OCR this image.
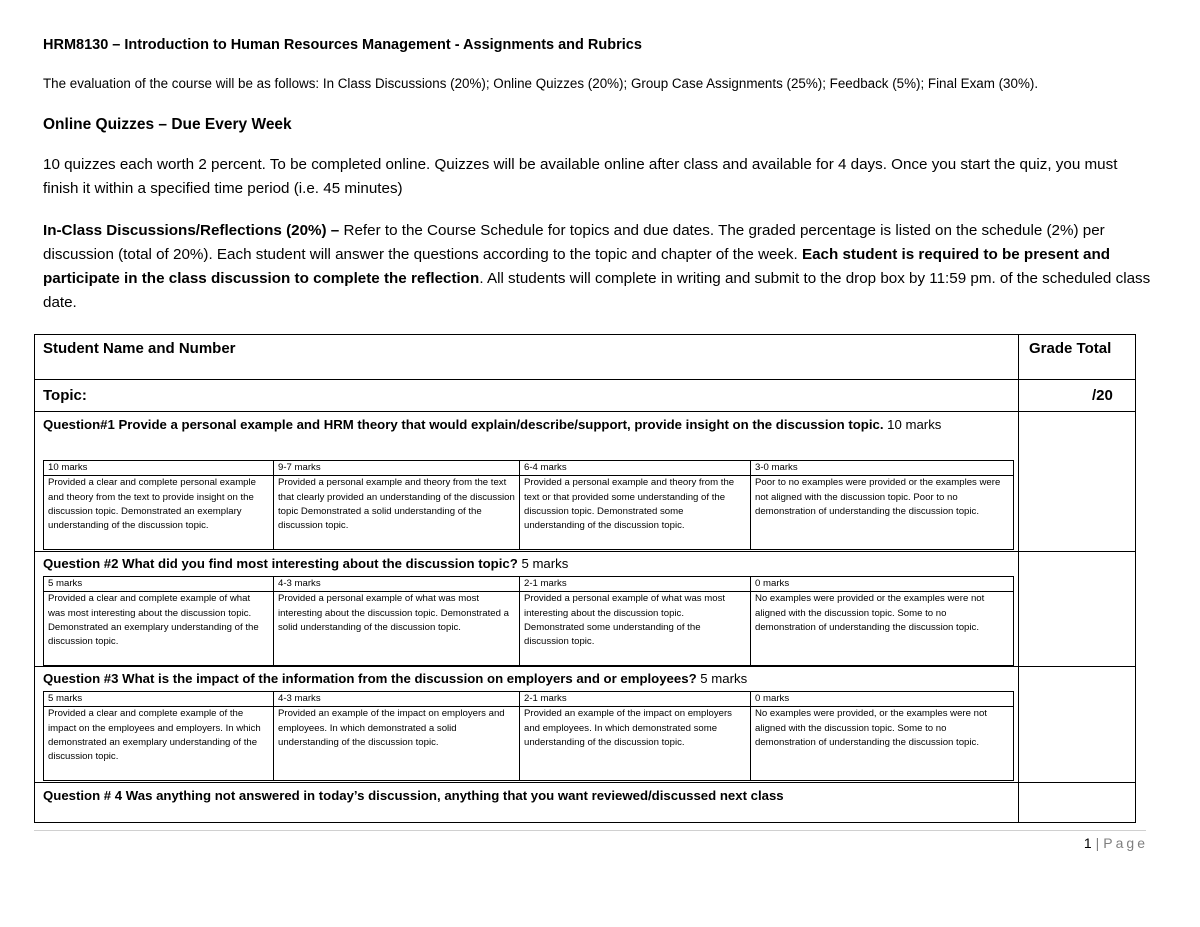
HRM8130 – Introduction to Human Resources Management - Assignments and Rubrics
The evaluation of the course will be as follows: In Class Discussions (20%); Online Quizzes (20%); Group Case Assignments (25%); Feedback (5%); Final Exam (30%).
Online Quizzes – Due Every Week
10 quizzes each worth 2 percent. To be completed online. Quizzes will be available online after class and available for 4 days. Once you start the quiz, you must finish it within a specified time period (i.e. 45 minutes)
In-Class Discussions/Reflections (20%) – Refer to the Course Schedule for topics and due dates. The graded percentage is listed on the schedule (2%) per discussion (total of 20%). Each student will answer the questions according to the topic and chapter of the week. Each student is required to be present and participate in the class discussion to complete the reflection. All students will complete in writing and submit to the drop box by 11:59 pm. of the scheduled class date.
Student Name and Number	Grade Total
Topic:	/20
Question#1 Provide a personal example and HRM theory that would explain/describe/support, provide insight on the discussion topic. 10 marks
10 marks	9-7 marks	6-4 marks	3-0 marks
Provided a clear and complete personal example and theory from the text to provide insight on the discussion topic. Demonstrated an exemplary understanding of the discussion topic.	Provided a personal example and theory from the text that clearly provided an understanding of the discussion topic Demonstrated a solid understanding of the discussion topic.	Provided a personal example and theory from the text or that provided some understanding of the discussion topic. Demonstrated some understanding of the discussion topic.	Poor to no examples were provided or the examples were not aligned with the discussion topic. Poor to no demonstration of understanding the discussion topic.
Question #2 What did you find most interesting about the discussion topic? 5 marks
5 marks	4-3 marks	2-1 marks	0 marks
Provided a clear and complete example of what was most interesting about the discussion topic. Demonstrated an exemplary understanding of the discussion topic.	Provided a personal example of what was most interesting about the discussion topic. Demonstrated a solid understanding of the discussion topic.	Provided a personal example of what was most interesting about the discussion topic. Demonstrated some understanding of the discussion topic.	No examples were provided or the examples were not aligned with the discussion topic. Some to no demonstration of understanding the discussion topic.
Question #3 What is the impact of the information from the discussion on employers and or employees? 5 marks
5 marks	4-3 marks	2-1 marks	0 marks
Provided a clear and complete example of the impact on the employees and employers. In which demonstrated an exemplary understanding of the discussion topic.	Provided an example of the impact on employers and employees. In which demonstrated a solid understanding of the discussion topic.	Provided an example of the impact on employers and employees. In which demonstrated some understanding of the discussion topic.	No examples were provided, or the examples were not aligned with the discussion topic. Some to no demonstration of understanding the discussion topic.
Question # 4 Was anything not answered in today’s discussion, anything that you want reviewed/discussed next class
1 | Page
